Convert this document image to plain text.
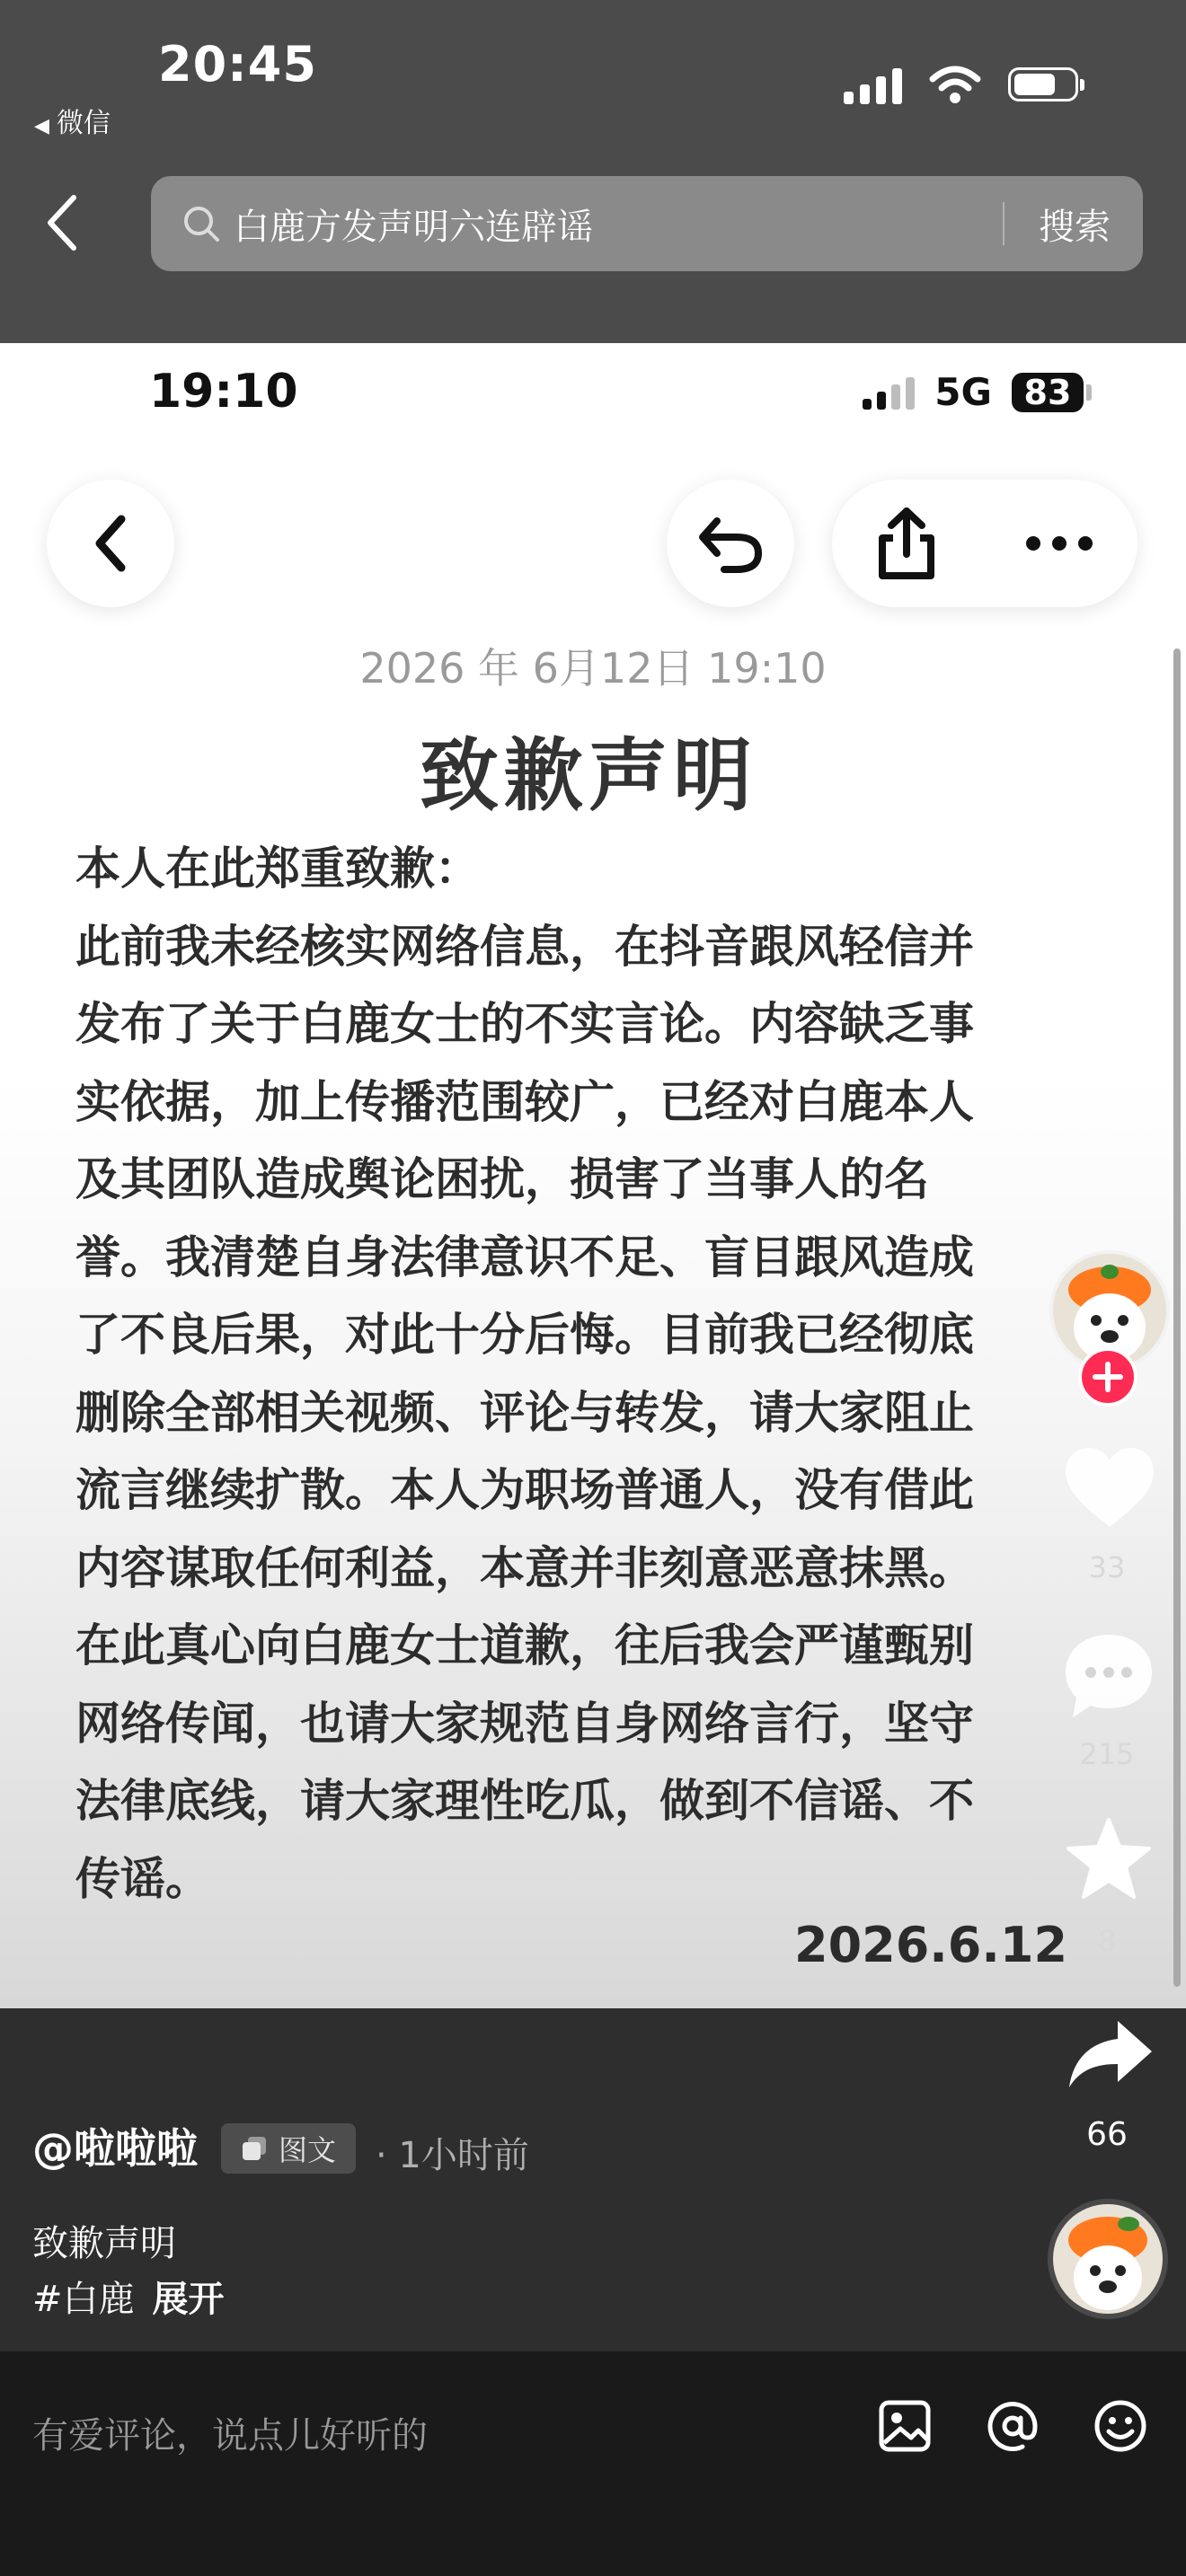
20:45
◀ 微信
白鹿方发声明六连辟谣	搜索
19:10	5G 83
2026 年 6月12日 19:10
致歉声明

本人在此郑重致歉：

此前我未经核实网络信息，在抖音跟风轻信并

发布了关于白鹿女士的不实言论。内容缺乏事

实依据，加上传播范围较广，已经对白鹿本人

及其团队造成舆论困扰，损害了当事人的名

誉。我清楚自身法律意识不足、盲目跟风造成

了不良后果，对此十分后悔。目前我已经彻底

删除全部相关视频、评论与转发，请大家阻止

流言继续扩散。本人为职场普通人，没有借此

内容谋取任何利益，本意并非刻意恶意抹黑。

在此真心向白鹿女士道歉，往后我会严谨甄别

网络传闻，也请大家规范自身网络言行，坚守

法律底线，请大家理性吃瓜，做到不信谣、不

传谣。

2026.6.12
33
215
8
66
@啦啦啦	图文 · 1小时前
致歉声明
#白鹿 展开
有爱评论，说点儿好听的
